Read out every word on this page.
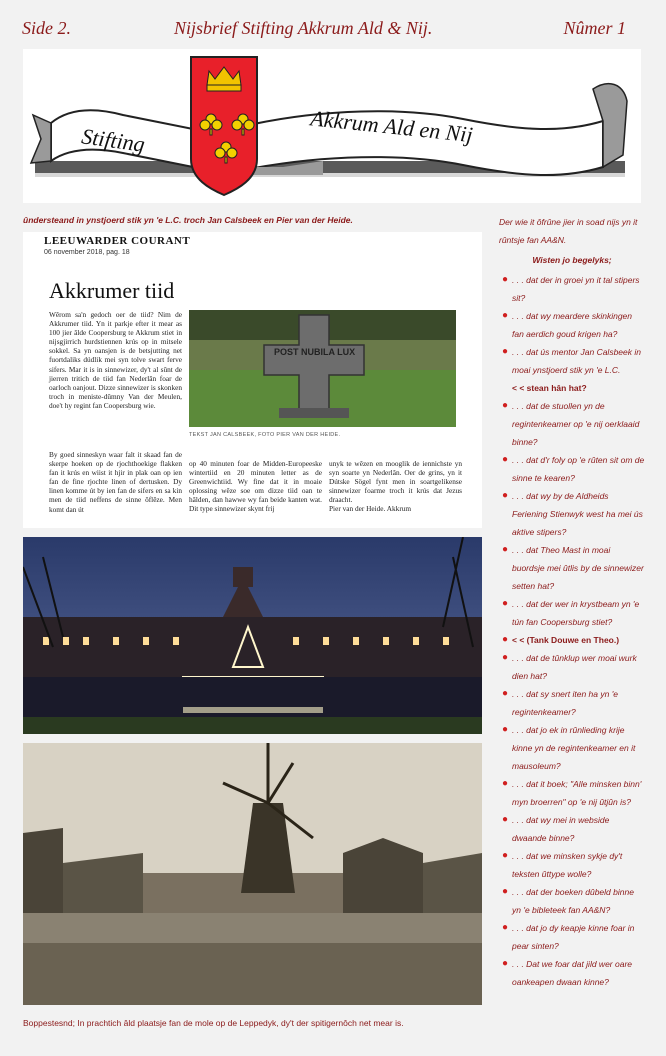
Side 2.	Nijsbrief Stifting Akkrum Ald & Nij.	Nûmer 1
Stifting	Akkrum Ald en Nij
ûndersteand in ynstjoerd stik yn 'e L.C. troch Jan Calsbeek en Pier van der Heide.
LEEUWARDER COURANT
06 november 2018, pag. 18
Akkrumer tiid
Wêrom sa'n gedoch oer de tiid? Nim de Akkrumer tiid. Yn it parkje efter it mear as 100 jier âlde Coopersburg te Akkrum stiet in nijsgjirrich hurdstiennen krús op in mitsele sokkel. Sa yn oansjen is de betsjutting net fuortdaliks dúdlik mei syn tolve swart ferve sifers. Mar it is in sinnewizer, dy't al sûnt de jierren tritich de tiid fan Nederlân foar de oarloch oanjout. Dizze sinnewizer is skonken troch in meniste-dûmny Van der Meulen, doe't hy regint fan Coopersburg wie.
By goed sinneskyn waar falt it skaad fan de skerpe hoeken op de rjochthoekige flakken fan it krús en wiist it hjir in plak oan op ien fan de fine rjochte linen of dertusken. Dy linen komme út by ien fan de sifers en sa kin men de tiid neffens de sinne ôflêze. Men komt dan út
POST NUBILA LUX
TEKST JAN CALSBEEK, FOTO PIER VAN DER HEIDE.
op 40 minuten foar de Midden-Europeeske wintertiid en 20 minuten letter as de Greenwichtiid. Wy fine dat it in moaie oplossing wêze soe om dizze tiid oan te hâlden, dan hawwe wy fan beide kanten wat. Dit type sinnewizer skynt frij
unyk te wêzen en mooglik de iennichste yn syn soarte yn Nederlân. Oer de grins, yn it Dútske Sögel fynt men in soartgelikense sinnewizer foarme troch it krús dat Jezus draacht.
Pier van der Heide. Akkrum
Boppestesnd; In prachtich âld plaatsje fan de mole op de Leppedyk, dy't der spitigernôch net mear is.
Der wie it ôfrûne jier in soad nijs yn it rûntsje fan AA&N.
Wisten jo begelyks;
● . . . dat der in groei yn it tal stipers sit?
● . . . dat wy meardere skinkingen fan aerdich goud krigen ha?
● . . . dat ús mentor Jan Calsbeek in moai ynstjoerd stik yn 'e L.C.
< < stean hân hat?
● . . . dat de stuollen yn de regintenkeamer op 'e nij oerklaaid binne?
● . . . dat d'r foly op 'e rûten sit om de sinne te kearen?
● . . . dat wy by de Aldheids Feriening Stienwyk west ha mei ús aktive stipers?
● . . . dat Theo Mast in moai buordsje mei ûtlis by de sinnewizer setten hat?
● . . . dat der wer in krystbeam yn 'e tún fan Coopersburg stiet?
● < < (Tank Douwe en Theo.)
● . . . dat de tûnklup wer moai wurk dien hat?
● . . . dat sy snert iten ha yn 'e regintenkeamer?
● . . . dat jo ek in rûnlieding krije kinne yn de regintenkeamer en it mausoleum?
● . . . dat it boek; "Alle minsken binn' myn broerren" op 'e nij ûtjûn is?
● . . . dat wy mei in webside dwaande binne?
● . . . dat we minsken sykje dy't teksten ûttype wolle?
● . . . dat der boeken dûbeld binne yn 'e bibleteek fan AA&N?
● . . . dat jo dy keapje kinne foar in pear sinten?
● . . . Dat we foar dat jild wer oare oankeapen dwaan kinne?
